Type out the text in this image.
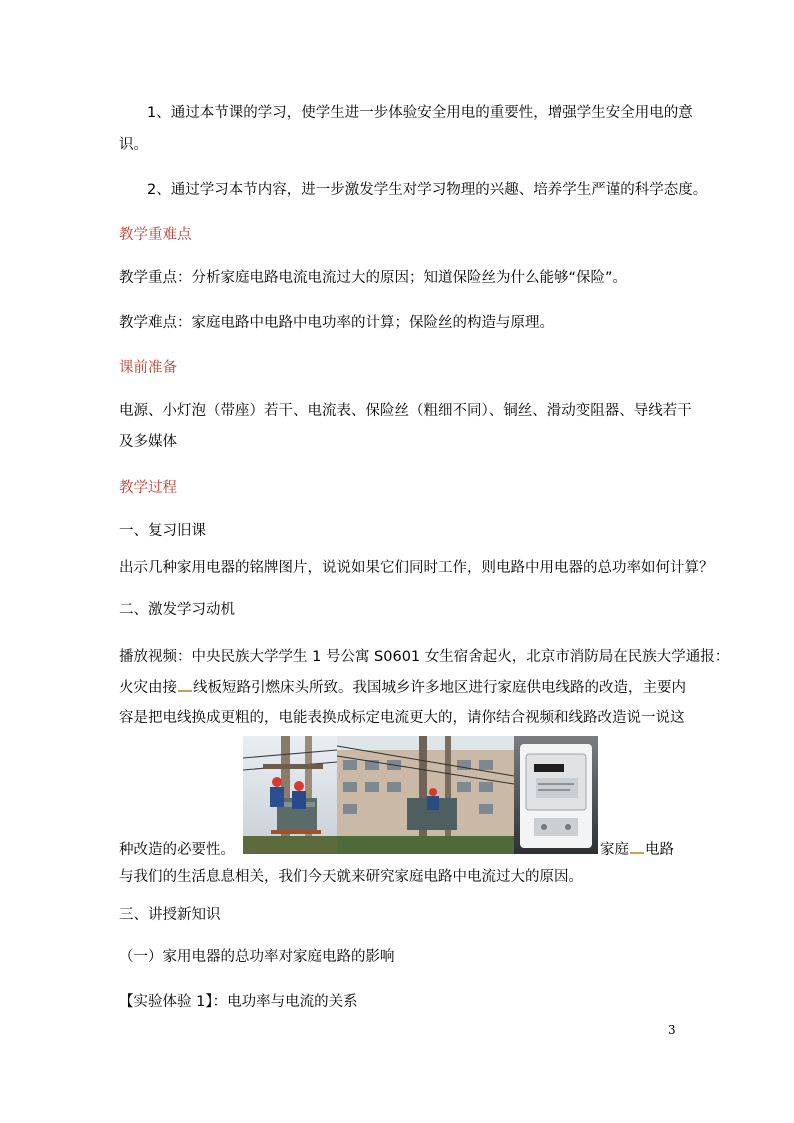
1、通过本节课的学习，使学生进一步体验安全用电的重要性，增强学生安全用电的意
识。
2、通过学习本节内容，进一步激发学生对学习物理的兴趣、培养学生严谨的科学态度。
教学重难点
教学重点：分析家庭电路电流电流过大的原因；知道保险丝为什么能够“保险”。
教学难点：家庭电路中电路中电功率的计算；保险丝的构造与原理。
课前准备
电源、小灯泡（带座）若干、电流表、保险丝（粗细不同）、铜丝、滑动变阻器、导线若干
及多媒体
教学过程
一、复习旧课
出示几种家用电器的铭牌图片，说说如果它们同时工作，则电路中用电器的总功率如何计算？
二、激发学习动机
播放视频：中央民族大学学生 1 号公寓 S0601 女生宿舍起火，北京市消防局在民族大学通报：
火灾由接 线板短路引燃床头所致。我国城乡许多地区进行家庭供电线路的改造，主要内
容是把电线换成更粗的，电能表换成标定电流更大的，请你结合视频和线路改造说一说这
种改造的必要性。	家庭 电路
与我们的生活息息相关，我们今天就来研究家庭电路中电流过大的原因。
三、讲授新知识
（一）家用电器的总功率对家庭电路的影响
【实验体验 1】：电功率与电流的关系
3
